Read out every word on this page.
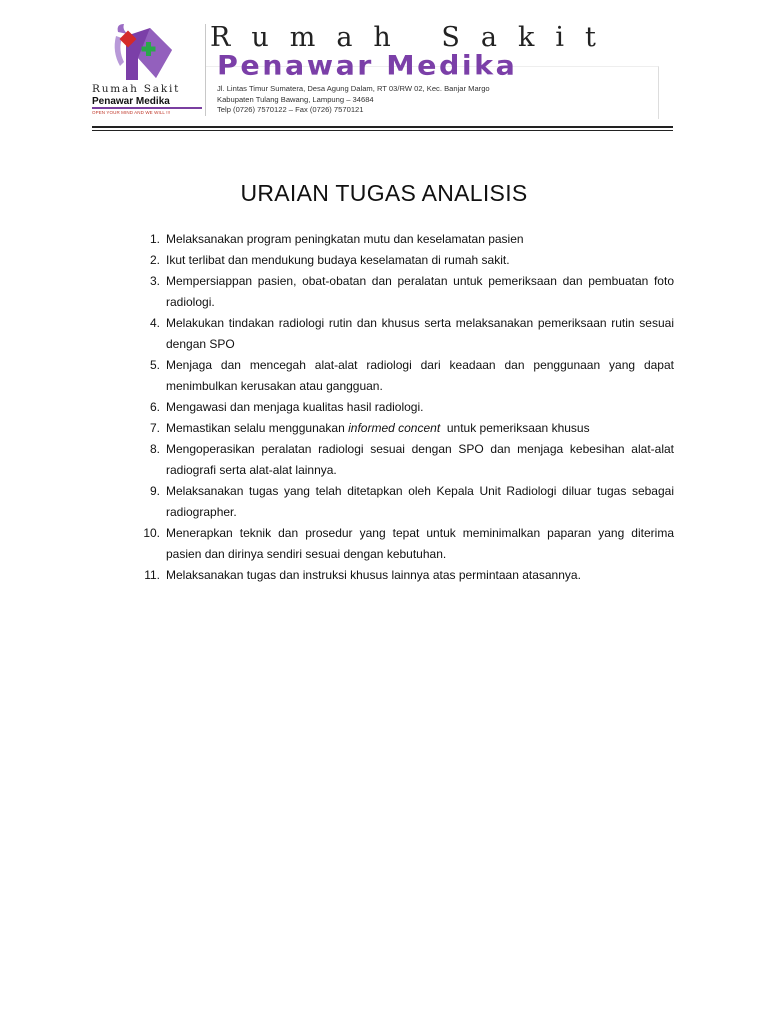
Rumah Sakit
Penawar Medika
OPEN YOUR MIND AND WE WILL !!!
Rumah Sakit
Penawar Medika
Jl. Lintas Timur Sumatera, Desa Agung Dalam, RT 03/RW 02, Kec. Banjar Margo
Kabupaten Tulang Bawang, Lampung – 34684
Telp (0726) 7570122 – Fax (0726) 7570121
URAIAN TUGAS ANALISIS
1. Melaksanakan program peningkatan mutu dan keselamatan pasien
2. Ikut terlibat dan mendukung budaya keselamatan di rumah sakit.
3. Mempersiappan pasien, obat-obatan dan peralatan untuk pemeriksaan dan pembuatan foto radiologi.
4. Melakukan tindakan radiologi rutin dan khusus serta melaksanakan pemeriksaan rutin sesuai dengan SPO
5. Menjaga dan mencegah alat-alat radiologi dari keadaan dan penggunaan yang dapat menimbulkan kerusakan atau gangguan.
6. Mengawasi dan menjaga kualitas hasil radiologi.
7. Memastikan selalu menggunakan informed concent  untuk pemeriksaan khusus
8. Mengoperasikan peralatan radiologi sesuai dengan SPO dan menjaga kebesihan alat-alat radiografi serta alat-alat lainnya.
9. Melaksanakan tugas yang telah ditetapkan oleh Kepala Unit Radiologi diluar tugas sebagai radiographer.
10. Menerapkan teknik dan prosedur yang tepat untuk meminimalkan paparan yang diterima pasien dan dirinya sendiri sesuai dengan kebutuhan.
11. Melaksanakan tugas dan instruksi khusus lainnya atas permintaan atasannya.
